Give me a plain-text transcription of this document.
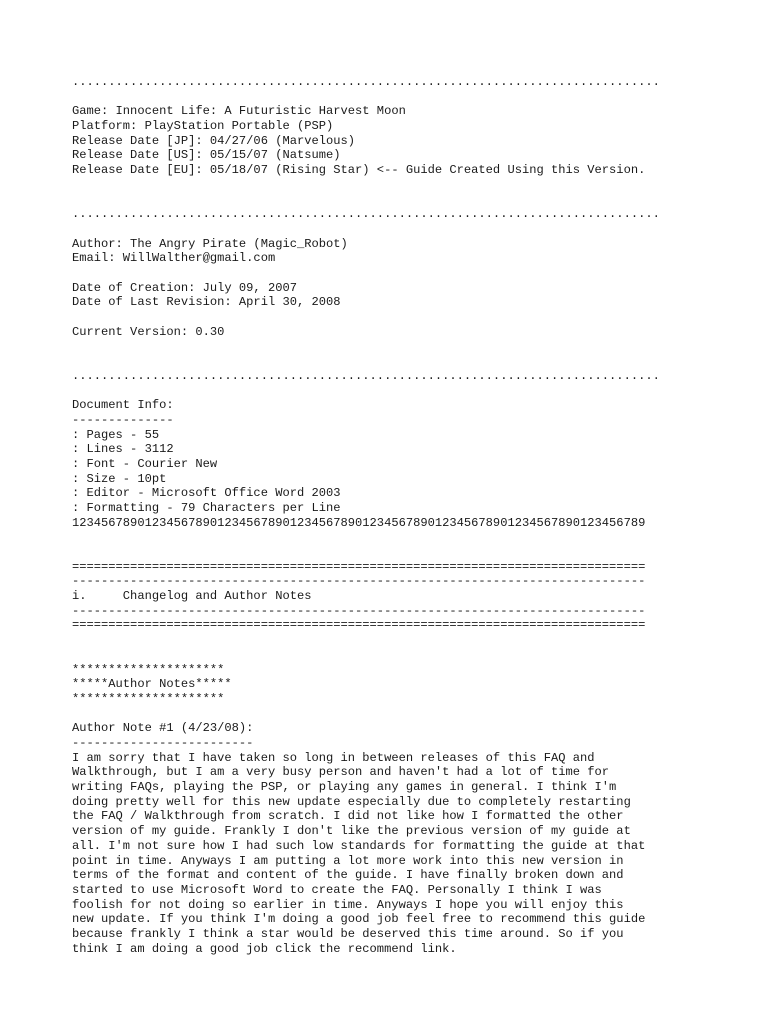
.................................................................................
Game: Innocent Life: A Futuristic Harvest Moon
Platform: PlayStation Portable (PSP)
Release Date [JP]: 04/27/06 (Marvelous)
Release Date [US]: 05/15/07 (Natsume)
Release Date [EU]: 05/18/07 (Rising Star) <-- Guide Created Using this Version.
.................................................................................
Author: The Angry Pirate (Magic_Robot)
Email: WillWalther@gmail.com
Date of Creation: July 09, 2007
Date of Last Revision: April 30, 2008
Current Version: 0.30
.................................................................................
Document Info:
--------------
: Pages - 55
: Lines - 3112
: Font - Courier New
: Size - 10pt
: Editor - Microsoft Office Word 2003
: Formatting - 79 Characters per Line
1234567890123456789012345678901234567890123456789012345678901234567890123456789
===============================================================================
-------------------------------------------------------------------------------
i.     Changelog and Author Notes
-------------------------------------------------------------------------------
===============================================================================
*********************
*****Author Notes*****
*********************
Author Note #1 (4/23/08):
-------------------------
I am sorry that I have taken so long in between releases of this FAQ and
Walkthrough, but I am a very busy person and haven't had a lot of time for
writing FAQs, playing the PSP, or playing any games in general. I think I'm
doing pretty well for this new update especially due to completely restarting
the FAQ / Walkthrough from scratch. I did not like how I formatted the other
version of my guide. Frankly I don't like the previous version of my guide at
all. I'm not sure how I had such low standards for formatting the guide at that
point in time. Anyways I am putting a lot more work into this new version in
terms of the format and content of the guide. I have finally broken down and
started to use Microsoft Word to create the FAQ. Personally I think I was
foolish for not doing so earlier in time. Anyways I hope you will enjoy this
new update. If you think I'm doing a good job feel free to recommend this guide
because frankly I think a star would be deserved this time around. So if you
think I am doing a good job click the recommend link.
